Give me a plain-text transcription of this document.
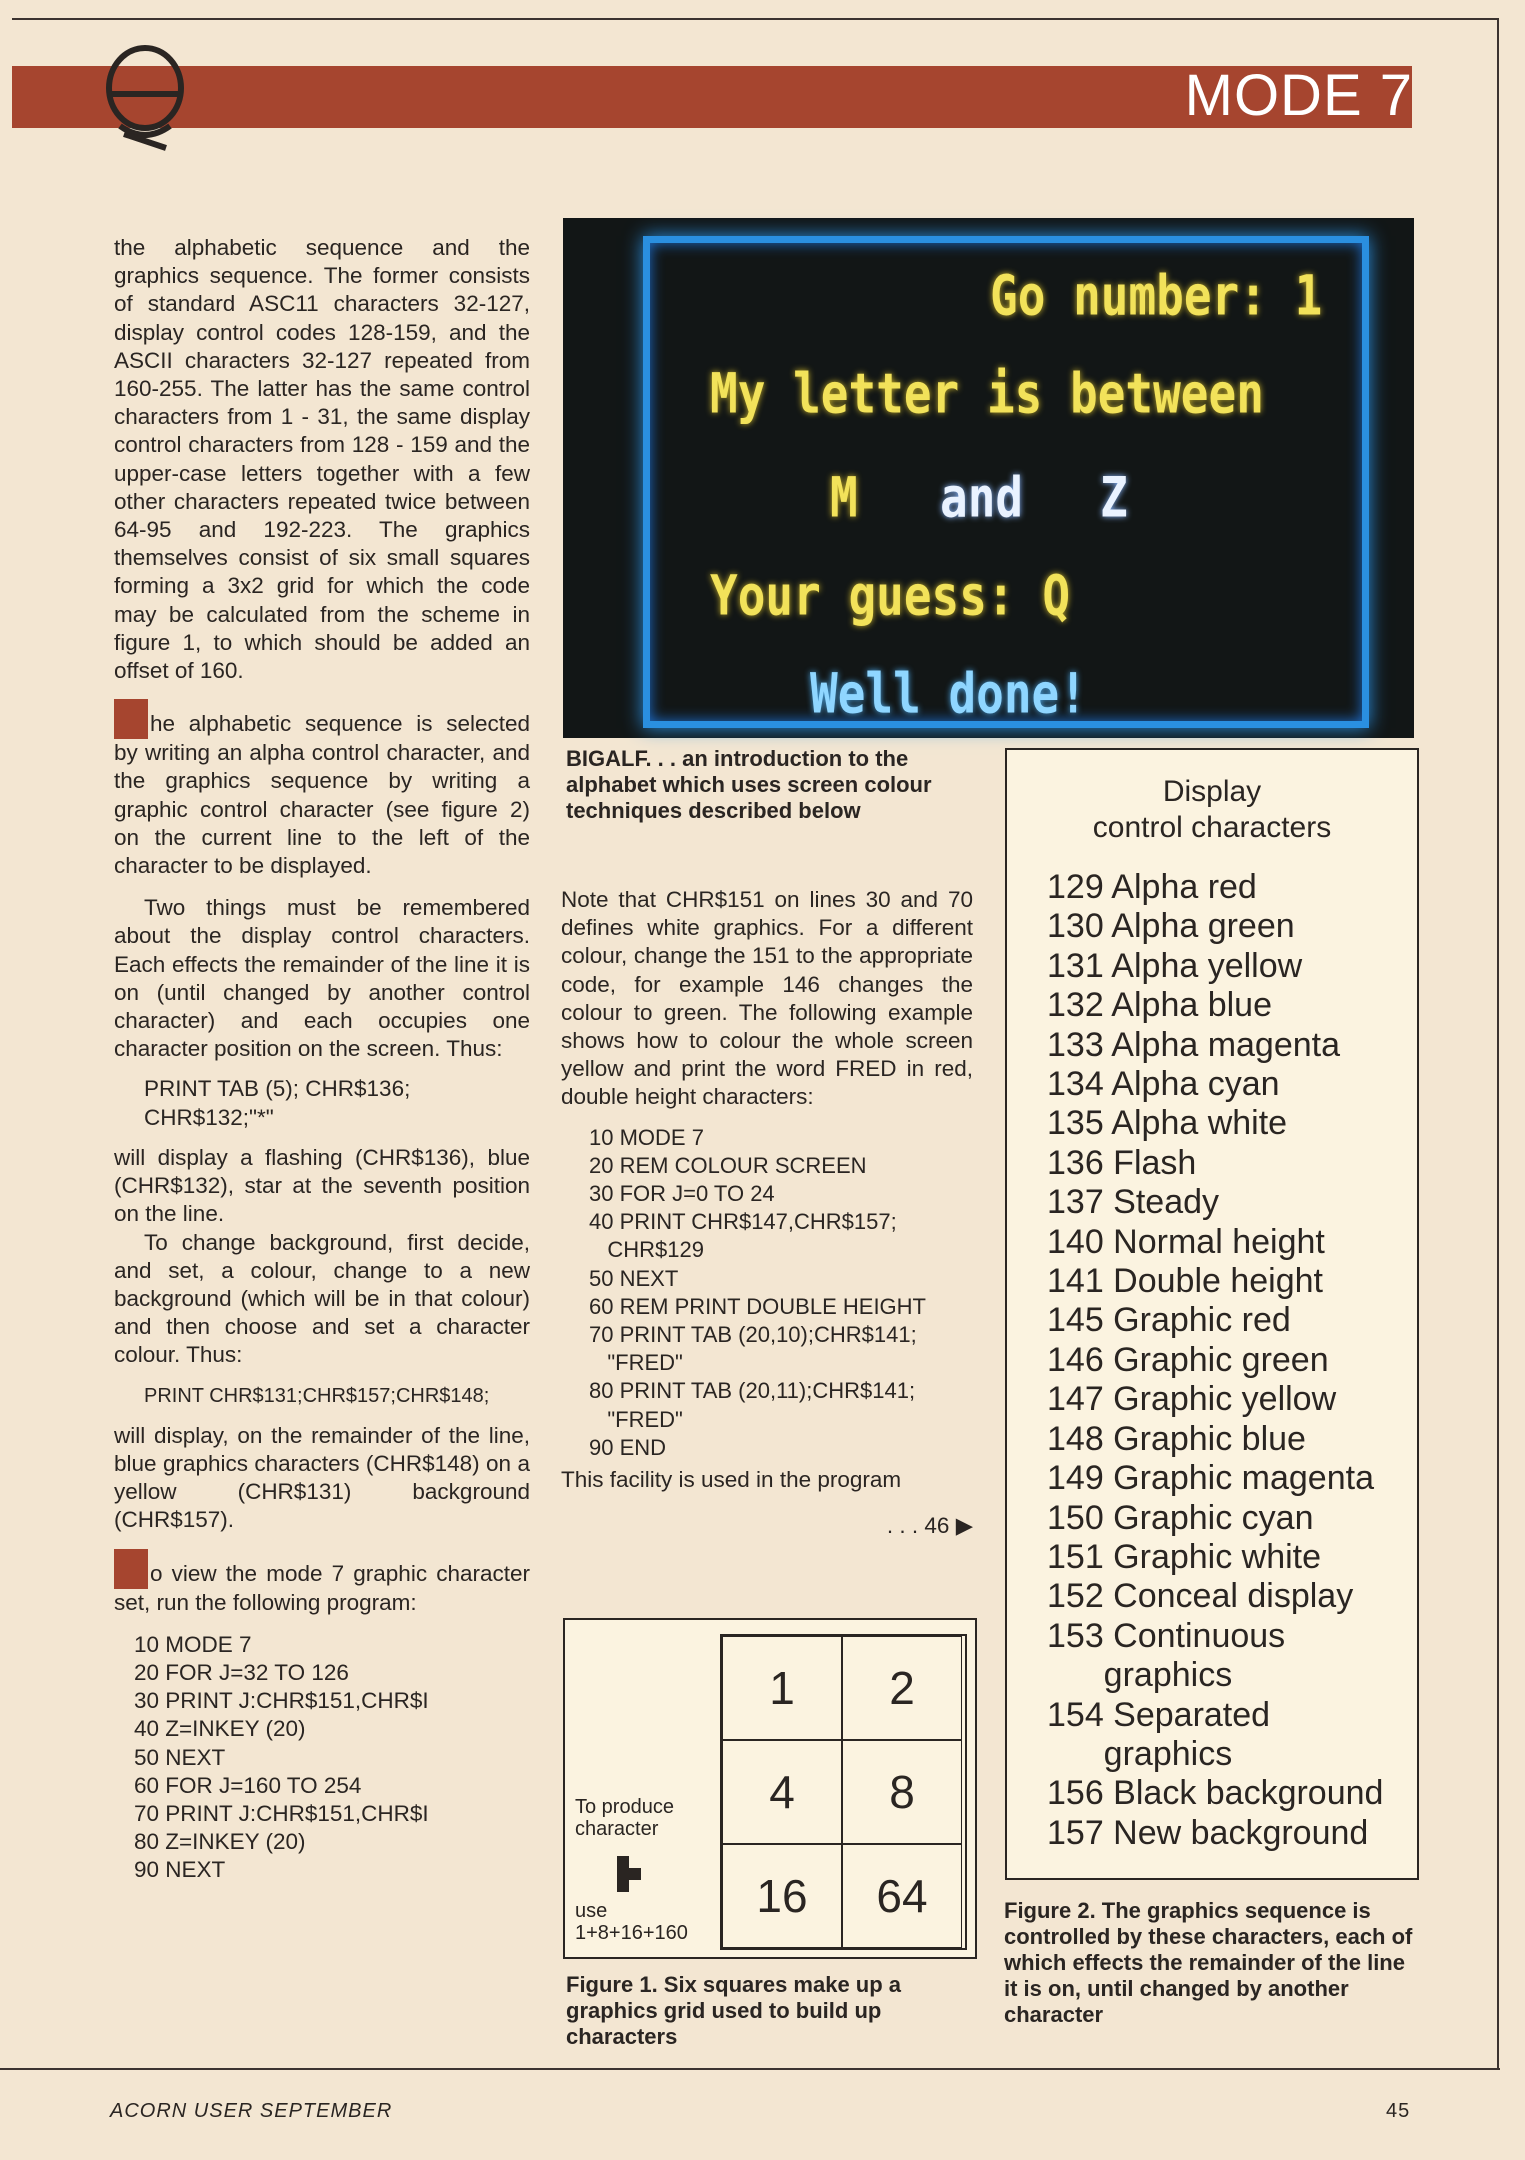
MODE 7

the alphabetic sequence and the graphics sequence. The former consists of standard ASC11 characters 32-127, display control codes 128-159, and the ASCII characters 32-127 repeated from 160-255. The latter has the same control characters from 1 - 31, the same display control characters from 128 - 159 and the upper-case letters together with a few other characters repeated twice between 64-95 and 192-223. The graphics themselves consist of six small squares forming a 3x2 grid for which the code may be calculated from the scheme in figure 1, to which should be added an offset of 160.

he alphabetic sequence is selected by writing an alpha control character, and the graphics sequence by writing a graphic control character (see figure 2) on the current line to the left of the character to be displayed.

Two things must be remembered about the display control characters. Each effects the remainder of the line it is on (until changed by another control character) and each occupies one character position on the screen. Thus:

PRINT TAB (5); CHR$136;
CHR$132;"*"

will display a flashing (CHR$136), blue (CHR$132), star at the seventh position on the line.

To change background, first decide, and set, a colour, change to a new background (which will be in that colour) and then choose and set a character colour. Thus:

PRINT CHR$131;CHR$157;CHR$148;

will display, on the remainder of the line, blue graphics characters (CHR$148) on a yellow (CHR$131) background (CHR$157).

o view the mode 7 graphic character set, run the following program:

10 MODE 7
20 FOR J=32 TO 126
30 PRINT J:CHR$151,CHR$I
40 Z=INKEY (20)
50 NEXT
60 FOR J=160 TO 254
70 PRINT J:CHR$151,CHR$I
80 Z=INKEY (20)
90 NEXT
Go number: 1
My letter is between
M and Z
Your guess: Q
Well done!
BIGALF. . . an introduction to the alphabet which uses screen colour techniques described below

Note that CHR$151 on lines 30 and 70 defines white graphics. For a different colour, change the 151 to the appropriate code, for example 146 changes the colour to green. The following example shows how to colour the whole screen yellow and print the word FRED in red, double height characters:

10 MODE 7
20 REM COLOUR SCREEN
30 FOR J=0 TO 24
40 PRINT CHR$147,CHR$157;
CHR$129
50 NEXT
60 REM PRINT DOUBLE HEIGHT
70 PRINT TAB (20,10);CHR$141;
"FRED"
80 PRINT TAB (20,11);CHR$141;
"FRED"
90 END

This facility is used in the program

. . . 46 ▶

1	2
4	8
16	64
To produce
character
use
1+8+16+160
Figure 1. Six squares make up a graphics grid used to build up characters
Display
control characters
129 Alpha red
130 Alpha green
131 Alpha yellow
132 Alpha blue
133 Alpha magenta
134 Alpha cyan
135 Alpha white
136 Flash
137 Steady
140 Normal height
141 Double height
145 Graphic red
146 Graphic green
147 Graphic yellow
148 Graphic blue
149 Graphic magenta
150 Graphic cyan
151 Graphic white
152 Conceal display
153 Continuous
graphics
154 Separated
graphics
156 Black background
157 New background
Figure 2. The graphics sequence is controlled by these characters, each of which effects the remainder of the line it is on, until changed by another character
ACORN USER SEPTEMBER	45
